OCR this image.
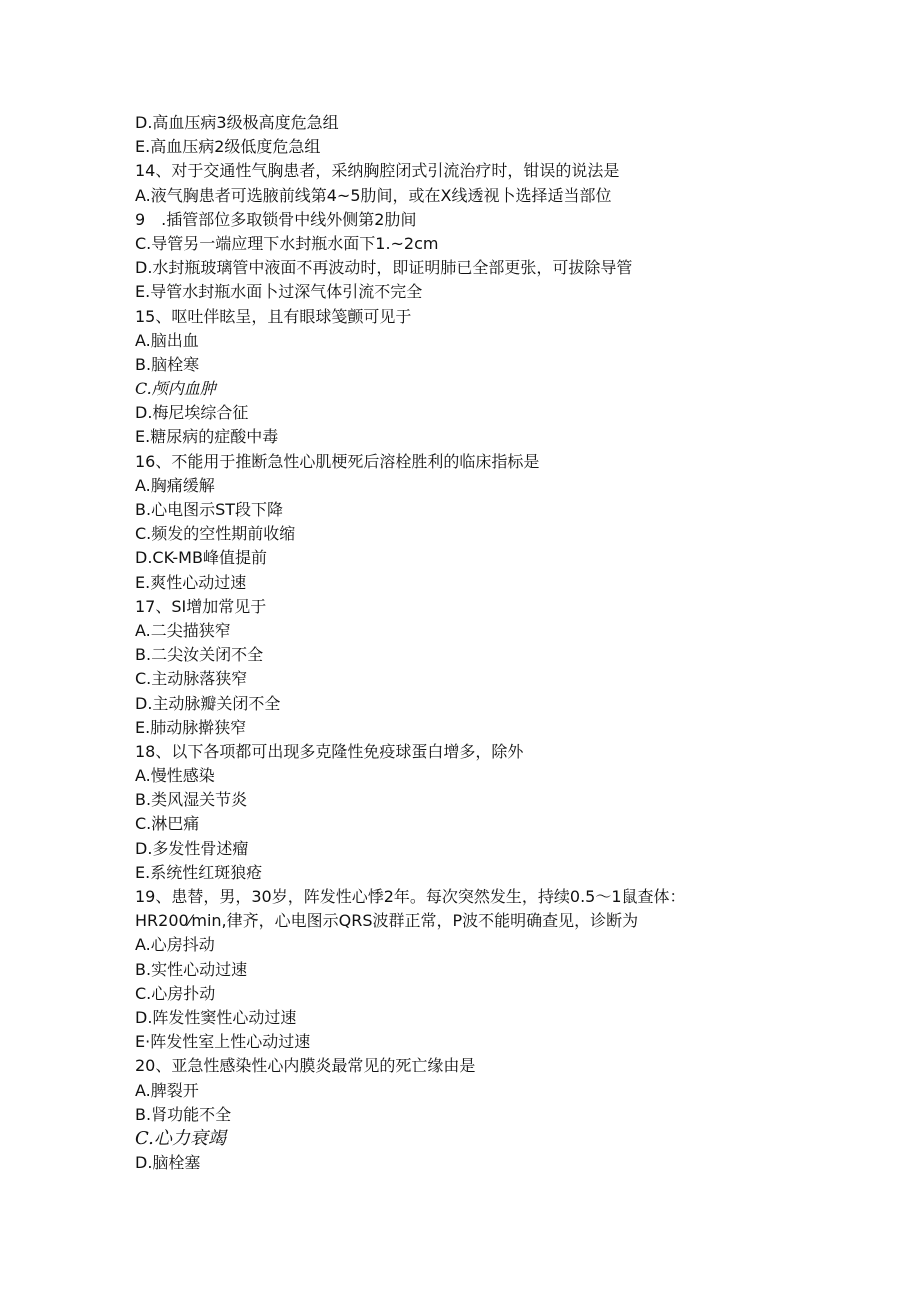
D.高血压病3级极高度危急组
E.高血压病2级低度危急组
14、对于交通性气胸患者，采纳胸腔闭式引流治疗时，钳误的说法是
A.液气胸患者可选腋前线第4~5肋间，或在X线透视卜选择适当部位
9　.插管部位多取锁骨中线外侧第2肋间
C.导管另一端应理下水封瓶水面下1.~2cm
D.水封瓶玻璃管中液面不再波动时，即证明肺已全部更张，可拔除导管
E.导管水封瓶水面卜过深气体引流不完全
15、呕吐伴眩呈，且有眼球笺颤可见于
A.脑出血
B.脑栓寒
C.颅内血肿
D.梅尼埃综合征
E.糖尿病的症酸中毒
16、不能用于推断急性心肌梗死后溶栓胜利的临床指标是
A.胸痛缓解
B.心电图示ST段下降
C.频发的空性期前收缩
D.CK-MB峰值提前
E.爽性心动过速
17、SI增加常见于
A.二尖描狭窄
B.二尖汝关闭不全
C.主动脉落狭窄
D.主动脉瓣关闭不全
E.肺动脉擀狭窄
18、以下各项都可出现多克隆性免疫球蛋白增多，除外
A.慢性感染
B.类风湿关节炎
C.淋巴痛
D.多发性骨述瘤
E.系统性红斑狼疮
19、患替，男，30岁，阵发性心悸2年。每次突然发生，持续0.5～1鼠查体：
HR200⁄min,律齐，心电图示QRS波群正常，P波不能明确查见，诊断为
A.心房抖动
B.实性心动过速
C.心房扑动
D.阵发性窦性心动过速
E·阵发性室上性心动过速
20、亚急性感染性心内膜炎最常见的死亡缘由是
A.脾裂开
B.肾功能不全
C.心力衰竭
D.脑栓塞
